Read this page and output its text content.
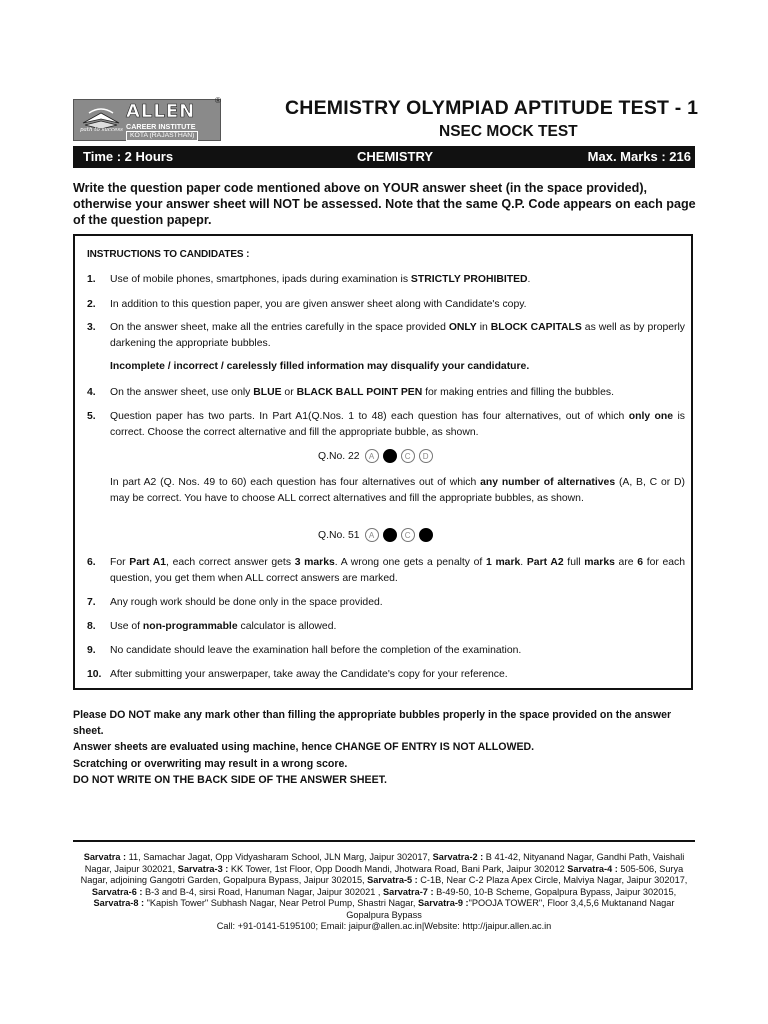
path to success
ALLEN
CAREER INSTITUTE
KOTA (RAJASTHAN)
®	CHEMISTRY OLYMPIAD APTITUDE TEST - 1
NSEC MOCK TEST
Time : 2 Hours	CHEMISTRY	Max. Marks : 216
Write the question paper code mentioned above on YOUR answer sheet (in the space provided), otherwise your answer sheet will NOT be assessed. Note that the same Q.P. Code appears on each page of the question papepr.
INSTRUCTIONS TO CANDIDATES :
1.	Use of mobile phones, smartphones, ipads during examination is STRICTLY PROHIBITED.
2.	In addition to this question paper, you are given answer sheet along with Candidate's copy.
3.	On the answer sheet, make all the entries carefully in the space provided ONLY in BLOCK CAPITALS as well as by properly darkening the appropriate bubbles.
Incomplete / incorrect / carelessly filled information may disqualify your candidature.
4.	On the answer sheet, use only BLUE or BLACK BALL POINT PEN for making entries and filling the bubbles.
5.	Question paper has two parts. In Part A1(Q.Nos. 1 to 48) each question has four alternatives, out of which only one is correct. Choose the correct alternative and fill the appropriate bubble, as shown.
Q.No. 22	A	B	C	D
In part A2 (Q. Nos. 49 to 60) each question has four alternatives out of which any number of alternatives (A, B, C or D) may be correct. You have to choose ALL correct alternatives and fill the appropriate bubbles, as shown.
Q.No. 51	A	B	C	D
6.	For Part A1, each correct answer gets 3 marks. A wrong one gets a penalty of 1 mark. Part A2 full marks are 6 for each question, you get them when ALL correct answers are marked.
7.	Any rough work should be done only in the space provided.
8.	Use of non-programmable calculator is allowed.
9.	No candidate should leave the examination hall before the completion of the examination.
10. After submitting your answerpaper, take away the Candidate's copy for your reference.
Please DO NOT make any mark other than filling the appropriate bubbles properly in the space provided on the answer sheet.
Answer sheets are evaluated using machine, hence CHANGE OF ENTRY IS NOT ALLOWED.
Scratching or overwriting may result in a wrong score.
DO NOT WRITE ON THE BACK SIDE OF THE ANSWER SHEET.
Sarvatra : 11, Samachar Jagat, Opp Vidyasharam School, JLN Marg, Jaipur 302017, Sarvatra-2 : B 41-42, Nityanand Nagar, Gandhi Path, Vaishali Nagar, Jaipur 302021, Sarvatra-3 : KK Tower, 1st Floor, Opp Doodh Mandi, Jhotwara Road, Bani Park, Jaipur 302012 Sarvatra-4 : 505-506, Surya Nagar, adjoining Gangotri Garden, Gopalpura Bypass, Jaipur 302015, Sarvatra-5 : C-1B, Near C-2 Plaza Apex Circle, Malviya Nagar, Jaipur 302017, Sarvatra-6 : B-3 and B-4, sirsi Road, Hanuman Nagar, Jaipur 302021 , Sarvatra-7 : B-49-50, 10-B Scheme, Gopalpura Bypass, Jaipur 302015, Sarvatra-8 : "Kapish Tower" Subhash Nagar, Near Petrol Pump, Shastri Nagar, Sarvatra-9 :"POOJA TOWER", Floor 3,4,5,6 Muktanand Nagar Gopalpura Bypass
Call: +91-0141-5195100; Email: jaipur@allen.ac.in|Website: http://jaipur.allen.ac.in
